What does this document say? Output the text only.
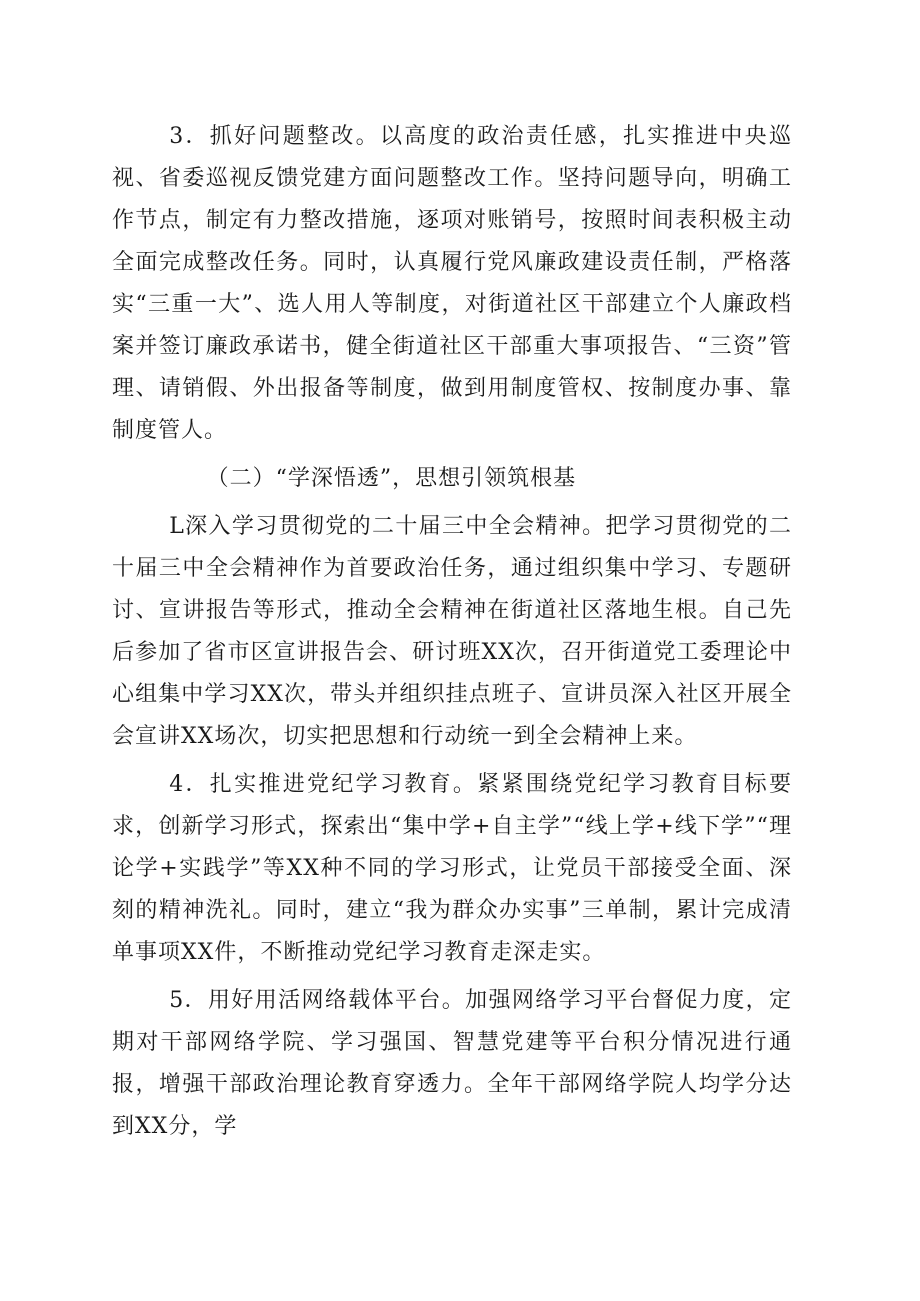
3．抓好问题整改。以高度的政治责任感，扎实推进中央巡视、省委巡视反馈党建方面问题整改工作。坚持问题导向，明确工作节点，制定有力整改措施，逐项对账销号，按照时间表积极主动全面完成整改任务。同时，认真履行党风廉政建设责任制，严格落实“三重一大”、选人用人等制度，对街道社区干部建立个人廉政档案并签订廉政承诺书，健全街道社区干部重大事项报告、“三资”管理、请销假、外出报备等制度，做到用制度管权、按制度办事、靠制度管人。

（二）“学深悟透”，思想引领筑根基

L深入学习贯彻党的二十届三中全会精神。把学习贯彻党的二十届三中全会精神作为首要政治任务，通过组织集中学习、专题研讨、宣讲报告等形式，推动全会精神在街道社区落地生根。自己先后参加了省市区宣讲报告会、研讨班XX次，召开街道党工委理论中心组集中学习XX次，带头并组织挂点班子、宣讲员深入社区开展全会宣讲XX场次，切实把思想和行动统一到全会精神上来。

4．扎实推进党纪学习教育。紧紧围绕党纪学习教育目标要求，创新学习形式，探索出“集中学+自主学”“线上学+线下学”“理论学+实践学”等XX种不同的学习形式，让党员干部接受全面、深刻的精神洗礼。同时，建立“我为群众办实事”三单制，累计完成清单事项XX件，不断推动党纪学习教育走深走实。

5．用好用活网络载体平台。加强网络学习平台督促力度，定期对干部网络学院、学习强国、智慧党建等平台积分情况进行通报，增强干部政治理论教育穿透力。全年干部网络学院人均学分达到XX分，学
